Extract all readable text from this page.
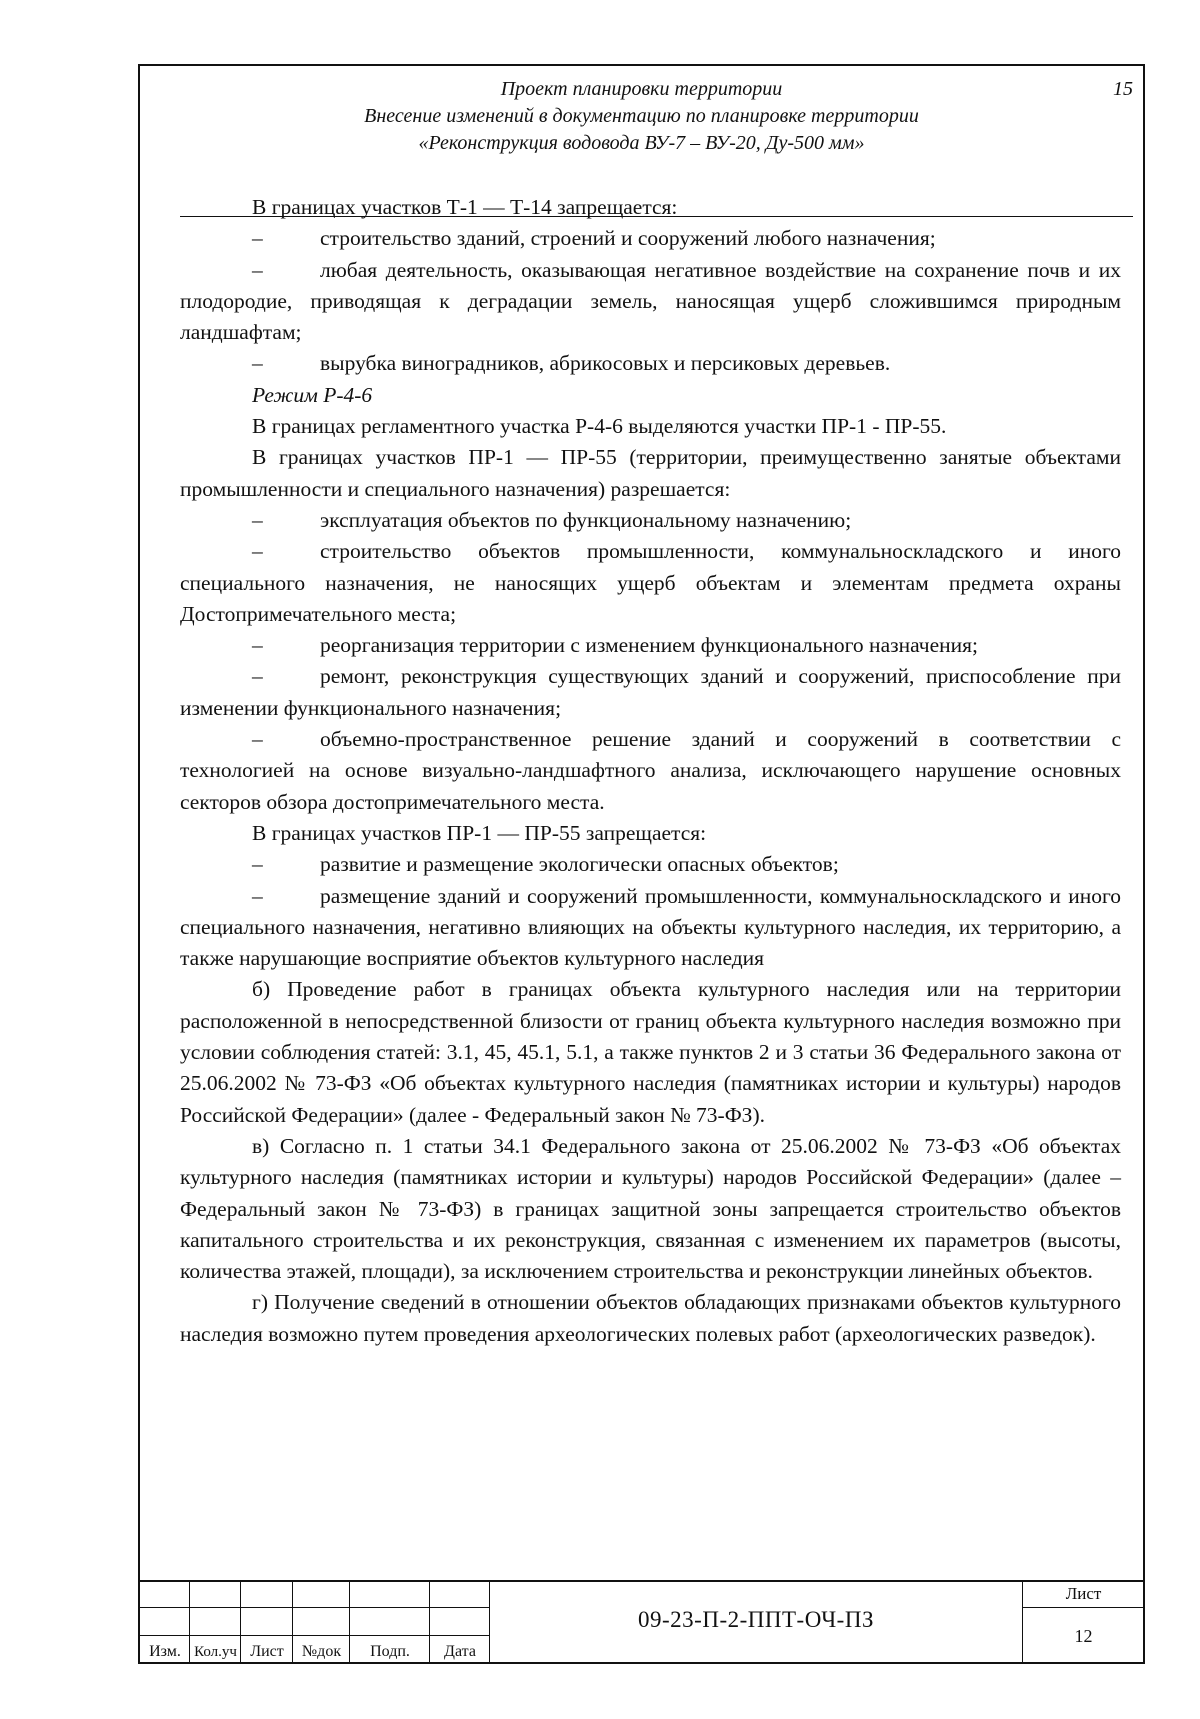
Проект планировки территории
Внесение изменений в документацию по планировке территории
«Реконструкция водовода ВУ-7 – ВУ-20, Ду-500 мм»
15

В границах участков Т-1 — Т-14 запрещается:

–	строительство зданий, строений и сооружений любого назначения;

–	любая деятельность, оказывающая негативное воздействие на сохранение почв и их плодородие, приводящая к деградации земель, наносящая ущерб сложившимся природным ландшафтам;

–	вырубка виноградников, абрикосовых и персиковых деревьев.

Режим Р-4-6

В границах регламентного участка Р-4-6 выделяются участки ПР-1 - ПР-55.

В границах участков ПР-1 — ПР-55 (территории, преимущественно занятые объектами промышленности и специального назначения) разрешается:

–	эксплуатация объектов по функциональному назначению;

–	строительство объектов промышленности, коммунальноскладского и иного специального назначения, не наносящих ущерб объектам и элементам предмета охраны Достопримечательного места;

–	реорганизация территории с изменением функционального назначения;

–	ремонт, реконструкция существующих зданий и сооружений, приспособление при изменении функционального назначения;

–	объемно-пространственное решение зданий и сооружений в соответствии с технологией на основе визуально-ландшафтного анализа, исключающего нарушение основных секторов обзора достопримечательного места.

В границах участков ПР-1 — ПР-55 запрещается:

–	развитие и размещение экологически опасных объектов;

–	размещение зданий и сооружений промышленности, коммунальноскладского и иного специального назначения, негативно влияющих на объекты культурного наследия, их территорию, а также нарушающие восприятие объектов культурного наследия

б) Проведение работ в границах объекта культурного наследия или на территории расположенной в непосредственной близости от границ объекта культурного наследия возможно при условии соблюдения статей: 3.1, 45, 45.1, 5.1, а также пунктов 2 и 3 статьи 36 Федерального закона от 25.06.2002 № 73-ФЗ «Об объектах культурного наследия (памятниках истории и культуры) народов Российской Федерации» (далее - Федеральный закон № 73-ФЗ).

в) Согласно п. 1 статьи 34.1 Федерального закона от 25.06.2002 № 73-ФЗ «Об объектах культурного наследия (памятниках истории и культуры) народов Российской Федерации» (далее – Федеральный закон № 73-ФЗ) в границах защитной зоны запрещается строительство объектов капитального строительства и их реконструкция, связанная с изменением их параметров (высоты, количества этажей, площади), за исключением строительства и реконструкции линейных объектов.

г) Получение сведений в отношении объектов обладающих признаками объектов культурного наследия возможно путем проведения археологических полевых работ (археологических разведок).

Изм. Кол.уч Лист	№док	Подп.	Дата
09-23-П-2-ППТ-ОЧ-ПЗ
Лист
12
